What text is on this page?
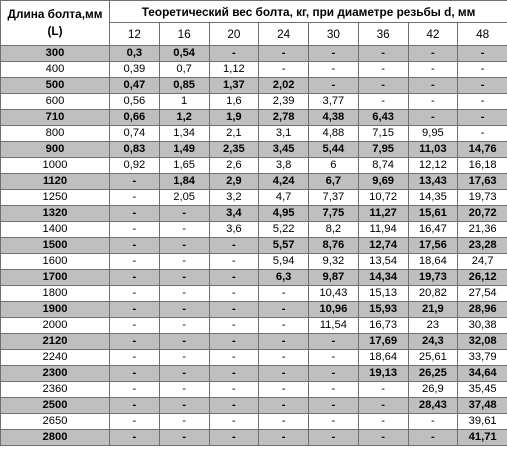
Длина болта,мм
(L)	Теоретический вес болта, кг, при диаметре резьбы d, мм							
	12	16	20	24	30	36	42	48
300	0,3	0,54	-	-	-	-	-	-
400	0,39	0,7	1,12	-	-	-	-	-
500	0,47	0,85	1,37	2,02	-	-	-	-
600	0,56	1	1,6	2,39	3,77	-	-	-
710	0,66	1,2	1,9	2,78	4,38	6,43	-	-
800	0,74	1,34	2,1	3,1	4,88	7,15	9,95	-
900	0,83	1,49	2,35	3,45	5,44	7,95	11,03	14,76
1000	0,92	1,65	2,6	3,8	6	8,74	12,12	16,18
1120	-	1,84	2,9	4,24	6,7	9,69	13,43	17,63
1250	-	2,05	3,2	4,7	7,37	10,72	14,35	19,73
1320	-	-	3,4	4,95	7,75	11,27	15,61	20,72
1400	-	-	3,6	5,22	8,2	11,94	16,47	21,36
1500	-	-	-	5,57	8,76	12,74	17,56	23,28
1600	-	-	-	5,94	9,32	13,54	18,64	24,7
1700	-	-	-	6,3	9,87	14,34	19,73	26,12
1800	-	-	-	-	10,43	15,13	20,82	27,54
1900	-	-	-	-	10,96	15,93	21,9	28,96
2000	-	-	-	-	11,54	16,73	23	30,38
2120	-	-	-	-	-	17,69	24,3	32,08
2240	-	-	-	-	-	18,64	25,61	33,79
2300	-	-	-	-	-	19,13	26,25	34,64
2360	-	-	-	-	-	-	26,9	35,45
2500	-	-	-	-	-	-	28,43	37,48
2650	-	-	-	-	-	-	-	39,61
2800	-	-	-	-	-	-	-	41,71
